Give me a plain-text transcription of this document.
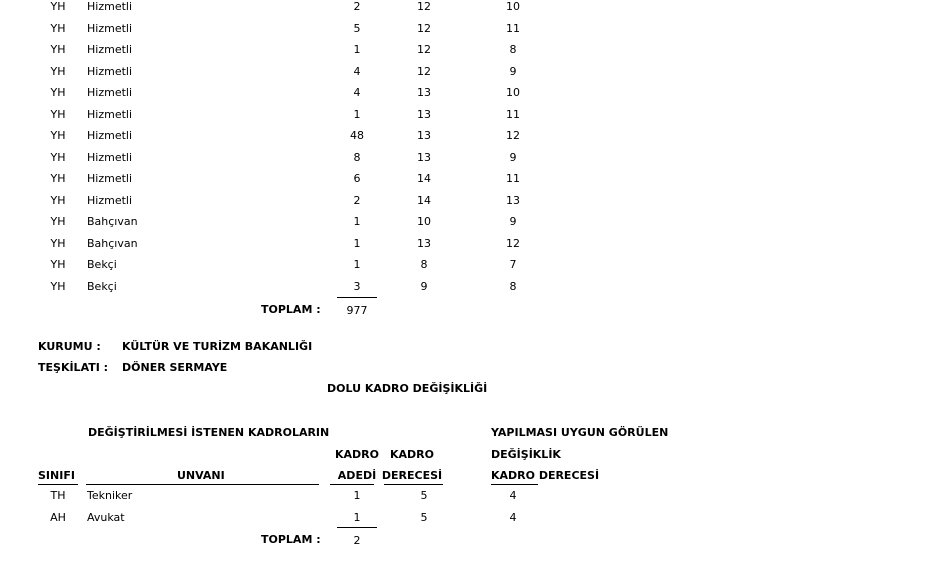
YH Hizmetli	2	12	10
YH Hizmetli	5	12	11
YH Hizmetli	1	12	8
YH Hizmetli	4	12	9
YH Hizmetli	4	13	10
YH Hizmetli	1	13	11
YH Hizmetli	48	13	12
YH Hizmetli	8	13	9
YH Hizmetli	6	14	11
YH Hizmetli	2	14	13
YH Bahçıvan	1	10	9
YH Bahçıvan	1	13	12
YH Bekçi	1	8	7
YH Bekçi	3	9	8
TOPLAM :	977
KURUMU : KÜLTÜR VE TURİZM BAKANLIĞI
TEŞKİLATI : DÖNER SERMAYE
DOLU KADRO DEĞİŞİKLİĞİ
DEĞİŞTİRİLMESİ İSTENEN KADROLARIN	YAPILMASI UYGUN GÖRÜLEN
KADRO	KADRO	DEĞİŞİKLİK
SINIFI	UNVANI	ADEDİ DERECESİ	KADRO DERECESİ
TH Tekniker	1	5	4
AH Avukat	1	5	4
TOPLAM :	2
